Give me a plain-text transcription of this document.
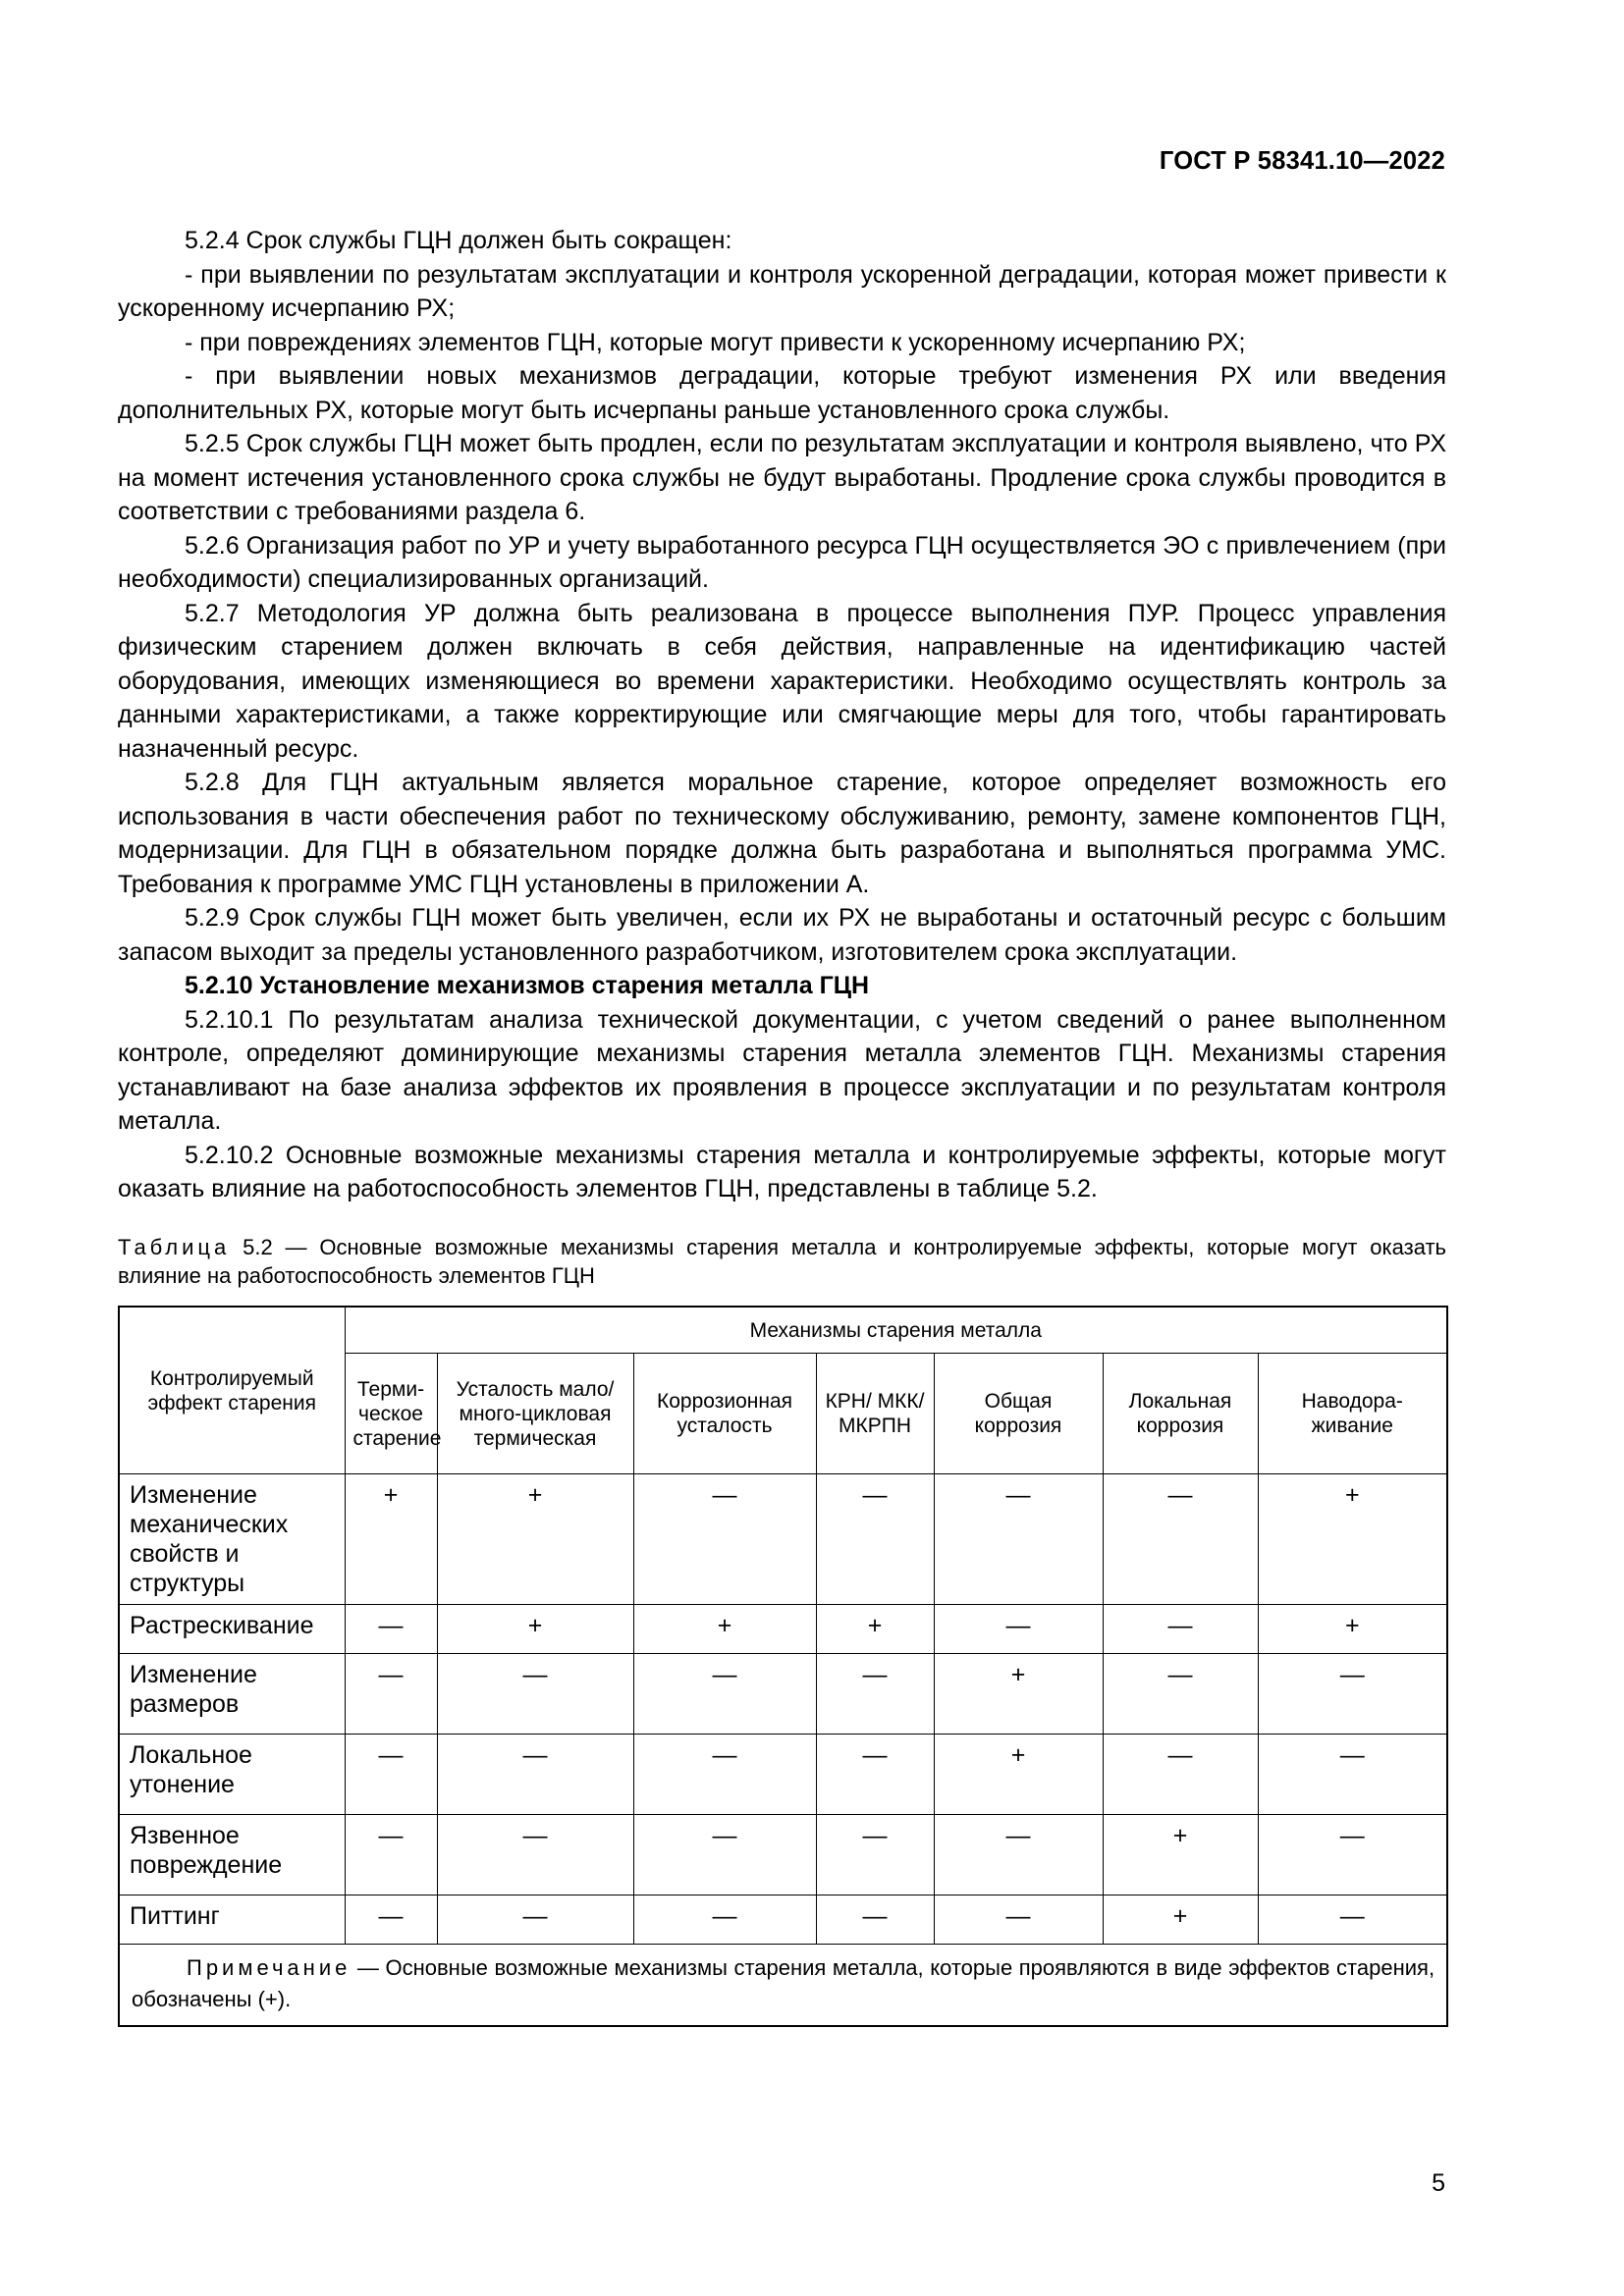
ГОСТ Р 58341.10—2022

5.2.4 Срок службы ГЦН должен быть сокращен:

- при выявлении по результатам эксплуатации и контроля ускоренной деградации, которая может привести к ускоренному исчерпанию РХ;

- при повреждениях элементов ГЦН, которые могут привести к ускоренному исчерпанию РХ;

- при выявлении новых механизмов деградации, которые требуют изменения РХ или введения дополнительных РХ, которые могут быть исчерпаны раньше установленного срока службы.

5.2.5 Срок службы ГЦН может быть продлен, если по результатам эксплуатации и контроля выявлено, что РХ на момент истечения установленного срока службы не будут выработаны. Продление срока службы проводится в соответствии с требованиями раздела 6.

5.2.6 Организация работ по УР и учету выработанного ресурса ГЦН осуществляется ЭО с привлечением (при необходимости) специализированных организаций.

5.2.7 Методология УР должна быть реализована в процессе выполнения ПУР. Процесс управления физическим старением должен включать в себя действия, направленные на идентификацию частей оборудования, имеющих изменяющиеся во времени характеристики. Необходимо осуществлять контроль за данными характеристиками, а также корректирующие или смягчающие меры для того, чтобы гарантировать назначенный ресурс.

5.2.8 Для ГЦН актуальным является моральное старение, которое определяет возможность его использования в части обеспечения работ по техническому обслуживанию, ремонту, замене компонентов ГЦН, модернизации. Для ГЦН в обязательном порядке должна быть разработана и выполняться программа УМС. Требования к программе УМС ГЦН установлены в приложении А.

5.2.9 Срок службы ГЦН может быть увеличен, если их РХ не выработаны и остаточный ресурс с большим запасом выходит за пределы установленного разработчиком, изготовителем срока эксплуатации.

5.2.10 Установление механизмов старения металла ГЦН

5.2.10.1 По результатам анализа технической документации, с учетом сведений о ранее выполненном контроле, определяют доминирующие механизмы старения металла элементов ГЦН. Механизмы старения устанавливают на базе анализа эффектов их проявления в процессе эксплуатации и по результатам контроля металла.

5.2.10.2 Основные возможные механизмы старения металла и контролируемые эффекты, которые могут оказать влияние на работоспособность элементов ГЦН, представлены в таблице 5.2.

Таблица 5.2 — Основные возможные механизмы старения металла и контролируемые эффекты, которые могут оказать влияние на работоспособность элементов ГЦН
Контролируемый эффект старения	Механизмы старения металла						
	Терми-ческое старение	Усталость мало/много-цикловая термическая	Коррозионная усталость	КРН/ МКК/ МКРПН	Общая коррозия	Локальная коррозия	Наводора-живание
Изменение механических свойств и структуры	+	+	—	—	—	—	+
Растрескивание	—	+	+	+	—	—	+
Изменение размеров	—	—	—	—	+	—	—
Локальное утонение	—	—	—	—	+	—	—
Язвенное повреждение	—	—	—	—	—	+	—
Питтинг	—	—	—	—	—	+	—
Примечание — Основные возможные механизмы старения металла, которые проявляются в виде эффектов старения, обозначены (+).							
5
